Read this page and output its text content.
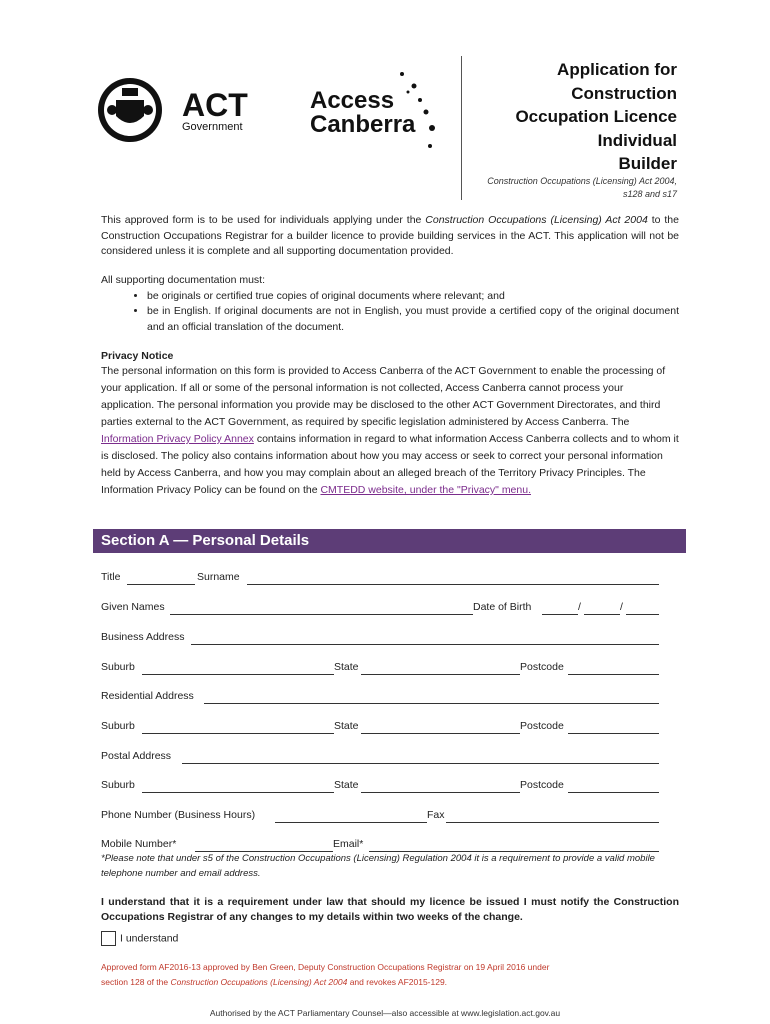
ACT
Government
Access
Canberra
Application for
Construction
Occupation Licence
Individual
Builder
Construction Occupations (Licensing) Act 2004,
s128 and s17
This approved form is to be used for individuals applying under the Construction Occupations (Licensing) Act 2004 to the Construction Occupations Registrar for a builder licence to provide building services in the ACT. This application will not be considered unless it is complete and all supporting documentation provided.
All supporting documentation must:
• be originals or certified true copies of original documents where relevant; and
• be in English. If original documents are not in English, you must provide a certified copy of the original document and an official translation of the document.
Privacy Notice

The personal information on this form is provided to Access Canberra of the ACT Government to enable the processing of your application. If all or some of the personal information is not collected, Access Canberra cannot process your application. The personal information you provide may be disclosed to the other ACT Government Directorates, and third parties external to the ACT Government, as required by specific legislation administered by Access Canberra. The Information Privacy Policy Annex contains information in regard to what information Access Canberra collects and to whom it is disclosed. The policy also contains information about how you may access or seek to correct your personal information held by Access Canberra, and how you may complain about an alleged breach of the Territory Privacy Principles. The Information Privacy Policy can be found on the CMTEDD website, under the "Privacy" menu.

Section A — Personal Details
Title	Surname
Given Names	Date of Birth	/	/
Business Address
Suburb	State	Postcode
Residential Address
Suburb	State	Postcode
Postal Address
Suburb	State	Postcode
Phone Number (Business Hours)	Fax
Mobile Number*	Email*
*Please note that under s5 of the Construction Occupations (Licensing) Regulation 2004 it is a requirement to provide a valid mobile telephone number and email address.
I understand that it is a requirement under law that should my licence be issued I must notify the Construction Occupations Registrar of any changes to my details within two weeks of the change.
I understand
Approved form AF2016-13 approved by Ben Green, Deputy Construction Occupations Registrar on 19 April 2016 under
section 128 of the Construction Occupations (Licensing) Act 2004 and revokes AF2015-129.
Authorised by the ACT Parliamentary Counsel—also accessible at www.legislation.act.gov.au
